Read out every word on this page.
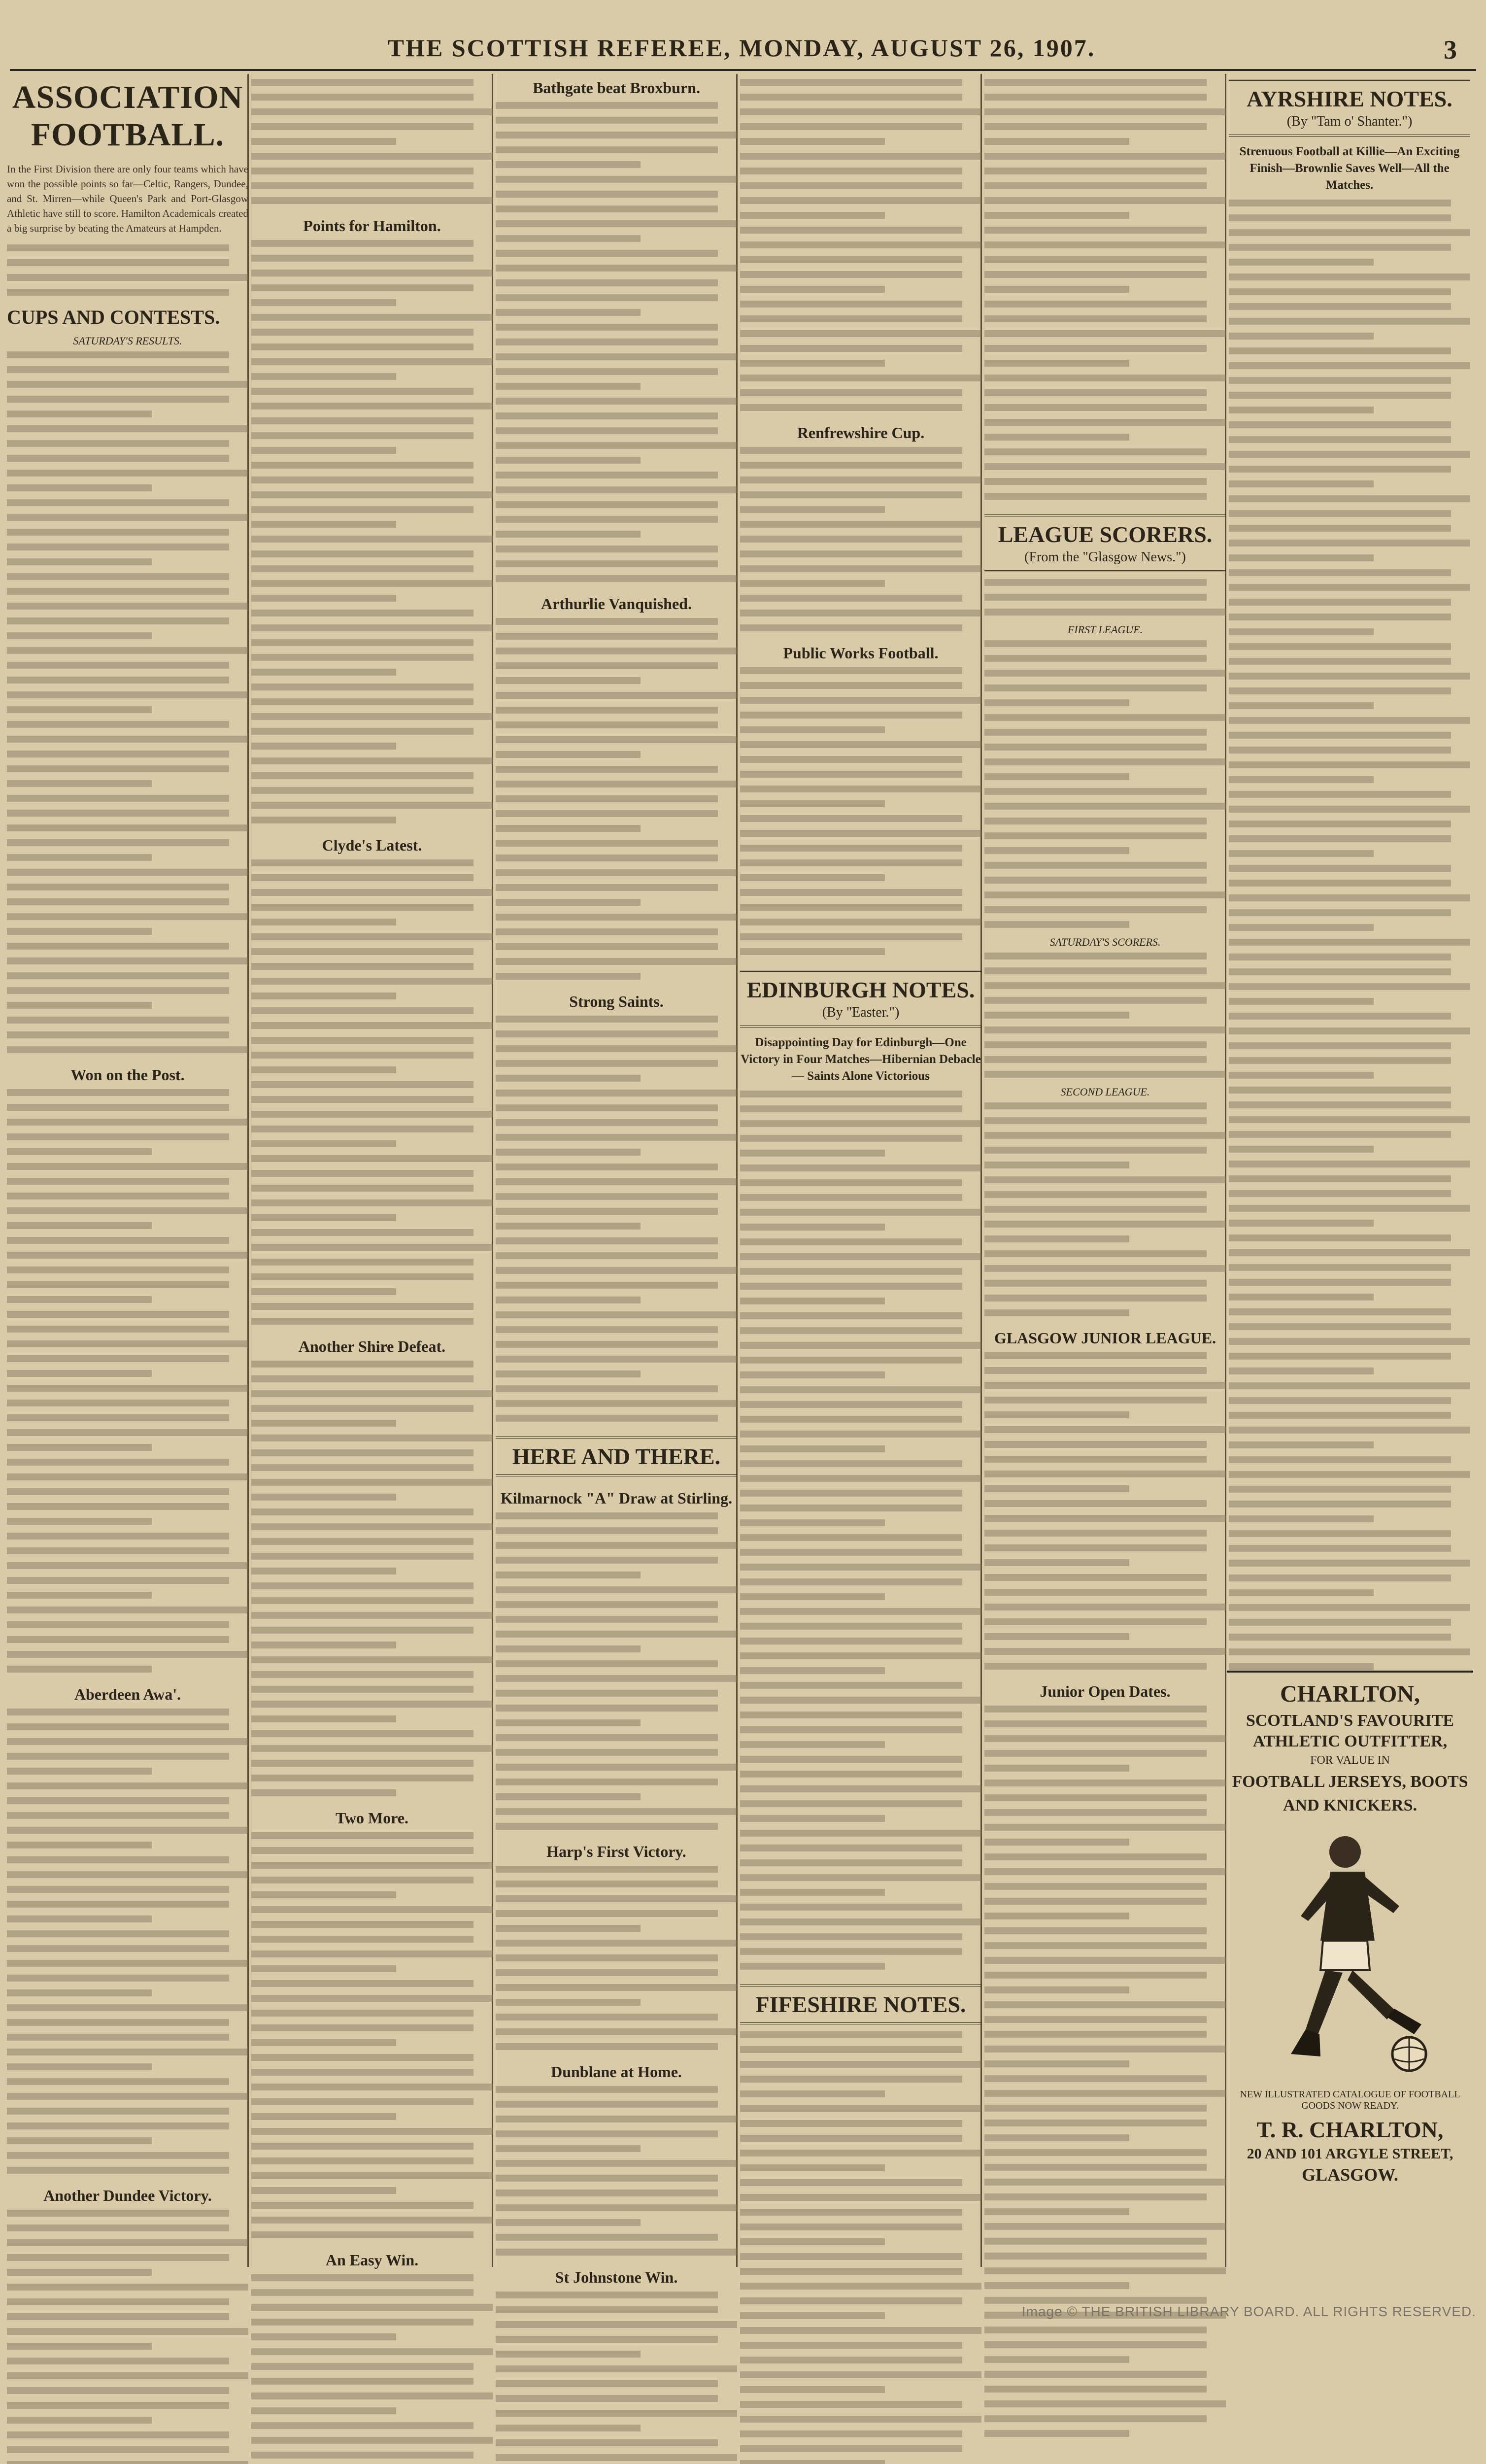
THE SCOTTISH REFEREE, MONDAY, AUGUST 26, 1907.	3
ASSOCIATION FOOTBALL.

In the First Division there are only four teams which have won the possible points so far—Celtic, Rangers, Dundee, and St. Mirren—while Queen's Park and Port-Glasgow Athletic have still to score. Hamilton Academicals created a big surprise by beating the Amateurs at Hampden.

CUPS AND CONTESTS.
SATURDAY'S RESULTS.
Won on the Post.
Aberdeen Awa'.
Another Dundee Victory.
Points for Hamilton.
Clyde's Latest.
Another Shire Defeat.
Two More.
An Easy Win.
Bathgate beat Broxburn.
Arthurlie Vanquished.
Strong Saints.
HERE AND THERE.
Kilmarnock "A" Draw at Stirling.
Harp's First Victory.
Dunblane at Home.
St Johnstone Win.
Renfrewshire Cup.
Public Works Football.
EDINBURGH NOTES.
(By "Easter.")
Disappointing Day for Edinburgh—One Victory in Four Matches—Hibernian Debacle — Saints Alone Victorious
FIFESHIRE NOTES.
LEAGUE SCORERS.
(From the "Glasgow News.")
FIRST LEAGUE.
SATURDAY'S SCORERS.
SECOND LEAGUE.
GLASGOW JUNIOR LEAGUE.
Junior Open Dates.
AYRSHIRE NOTES.
(By "Tam o' Shanter.")
Strenuous Football at Killie—An Exciting Finish—Brownlie Saves Well—All the Matches.
CHARLTON,
SCOTLAND'S FAVOURITE
ATHLETIC OUTFITTER,
FOR VALUE IN
FOOTBALL JERSEYS, BOOTS AND KNICKERS.
NEW ILLUSTRATED CATALOGUE OF FOOTBALL GOODS NOW READY.
T. R. CHARLTON,
20 AND 101 ARGYLE STREET,
GLASGOW.
Image © THE BRITISH LIBRARY BOARD. ALL RIGHTS RESERVED.
